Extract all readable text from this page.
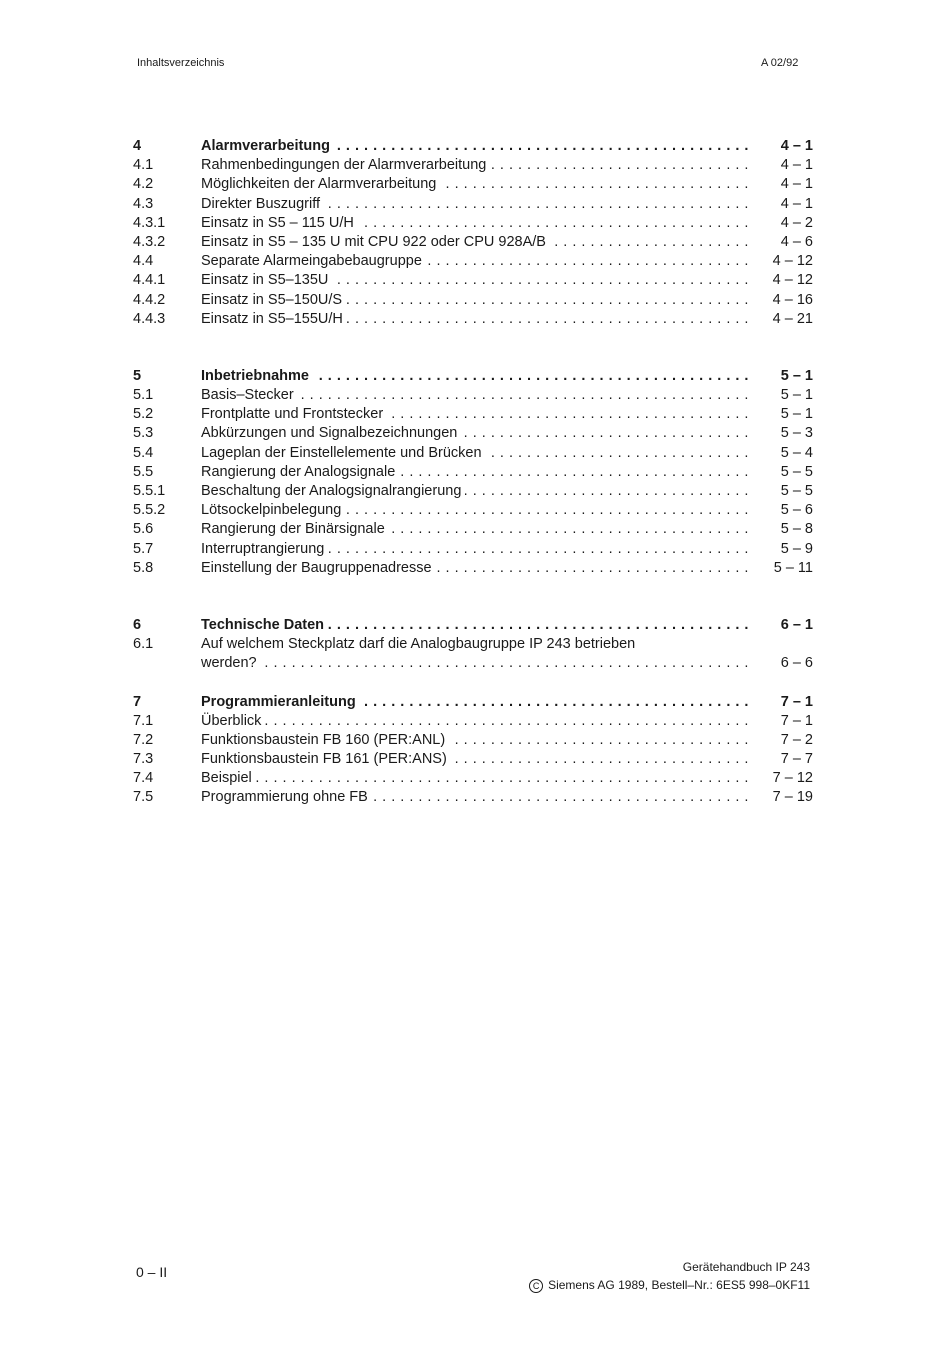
Inhaltsverzeichnis	A 02/92
4	Alarmverarbeitung . . .	4 – 1
4.1	Rahmenbedingungen der Alarmverarbeitung . . .	4 – 1
4.2	Möglichkeiten der Alarmverarbeitung . . .	4 – 1
4.3	Direkter Buszugriff . . .	4 – 1
4.3.1 Einsatz in S5 – 115 U/H . . .	4 – 2
4.3.2 Einsatz in S5 – 135 U mit CPU 922 oder CPU 928A/B . . .	4 – 6
4.4	Separate Alarmeingabebaugruppe . . .	4 – 12
4.4.1 Einsatz in S5–135U . . .	4 – 12
4.4.2 Einsatz in S5–150U/S . . .	4 – 16
4.4.3 Einsatz in S5–155U/H . . .	4 – 21
5	Inbetriebnahme . . .	5 – 1
5.1	Basis–Stecker . . .	5 – 1
5.2	Frontplatte und Frontstecker . . .	5 – 1
5.3	Abkürzungen und Signalbezeichnungen . . .	5 – 3
5.4	Lageplan der Einstellelemente und Brücken . . .	5 – 4
5.5	Rangierung der Analogsignale . . .	5 – 5
5.5.1 Beschaltung der Analogsignalrangierung . . .	5 – 5
5.5.2 Lötsockelpinbelegung . . .	5 – 6
5.6	Rangierung der Binärsignale . . .	5 – 8
5.7	Interruptrangierung . . .	5 – 9
5.8	Einstellung der Baugruppenadresse . . .	5 – 11
6	Technische Daten . . .	6 – 1
6.1	Auf welchem Steckplatz darf die Analogbaugruppe IP 243 betrieben
werden? . . .	6 – 6
7	Programmieranleitung . . .	7 – 1
7.1	Überblick . . .	7 – 1
7.2	Funktionsbaustein FB 160 (PER:ANL) . . .	7 – 2
7.3	Funktionsbaustein FB 161 (PER:ANS) . . .	7 – 7
7.4	Beispiel . . .	7 – 12
7.5	Programmierung ohne FB . . .	7 – 19
0 – II	Gerätehandbuch IP 243
C Siemens AG 1989, Bestell–Nr.: 6ES5 998–0KF11
